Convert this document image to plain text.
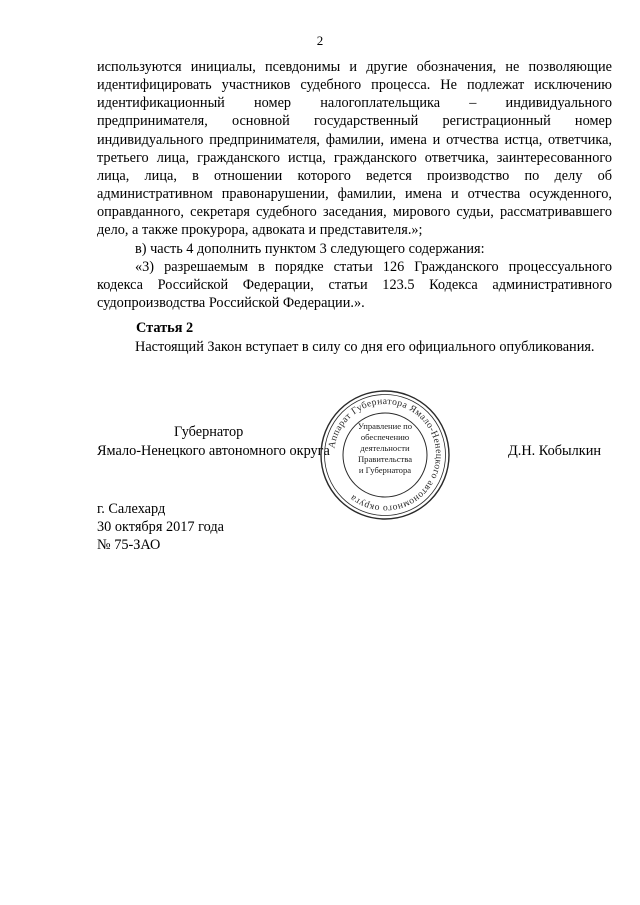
2

используются инициалы, псевдонимы и другие обозначения, не позволяющие идентифицировать участников судебного процесса. Не подлежат исключению идентификационный номер налогоплательщика – индивидуального предпринимателя, основной государственный регистрационный номер индивидуального предпринимателя, фамилии, имена и отчества истца, ответчика, третьего лица, гражданского истца, гражданского ответчика, заинтересованного лица, лица, в отношении которого ведется производство по делу об административном правонарушении, фамилии, имена и отчества осужденного, оправданного, секретаря судебного заседания, мирового судьи, рассматривавшего дело, а также прокурора, адвоката и представителя.»;

в) часть 4 дополнить пунктом 3 следующего содержания:

«3) разрешаемым в порядке статьи 126 Гражданского процессуального кодекса Российской Федерации, статьи 123.5 Кодекса административного судопроизводства Российской Федерации.».

Статья 2

Настоящий Закон вступает в силу со дня его официального опубликования.

Губернатор
Ямало-Ненецкого автономного округа	Д.Н. Кобылкин
Аппарат Губернатора Ямало-Ненецкого автономного округа
Управление по
обеспечению
деятельности
Правительства
и Губернатора
г. Салехард
30 октября 2017 года
№ 75-ЗАО
